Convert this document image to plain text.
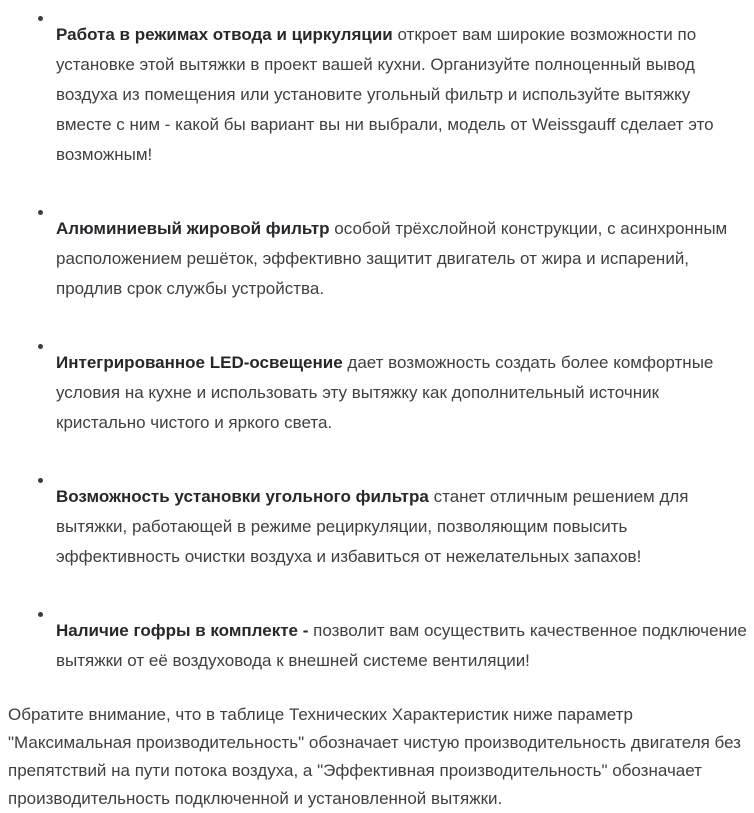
Работа в режимах отвода и циркуляции откроет вам широкие возможности по установке этой вытяжки в проект вашей кухни. Организуйте полноценный вывод воздуха из помещения или установите угольный фильтр и используйте вытяжку вместе с ним - какой бы вариант вы ни выбрали, модель от Weissgauff сделает это возможным!

Алюминиевый жировой фильтр особой трёхслойной конструкции, с асинхронным расположением решёток, эффективно защитит двигатель от жира и испарений, продлив срок службы устройства.

Интегрированное LED-освещение дает возможность создать более комфортные условия на кухне и использовать эту вытяжку как дополнительный источник кристально чистого и яркого света.

Возможность установки угольного фильтра станет отличным решением для вытяжки, работающей в режиме рециркуляции, позволяющим повысить эффективность очистки воздуха и избавиться от нежелательных запахов!

Наличие гофры в комплекте - позволит вам осуществить качественное подключение вытяжки от её воздуховода к внешней системе вентиляции!

Обратите внимание, что в таблице Технических Характеристик ниже параметр "Максимальная производительность" обозначает чистую производительность двигателя без препятствий на пути потока воздуха, а "Эффективная производительность" обозначает производительность подключенной и установленной вытяжки.
